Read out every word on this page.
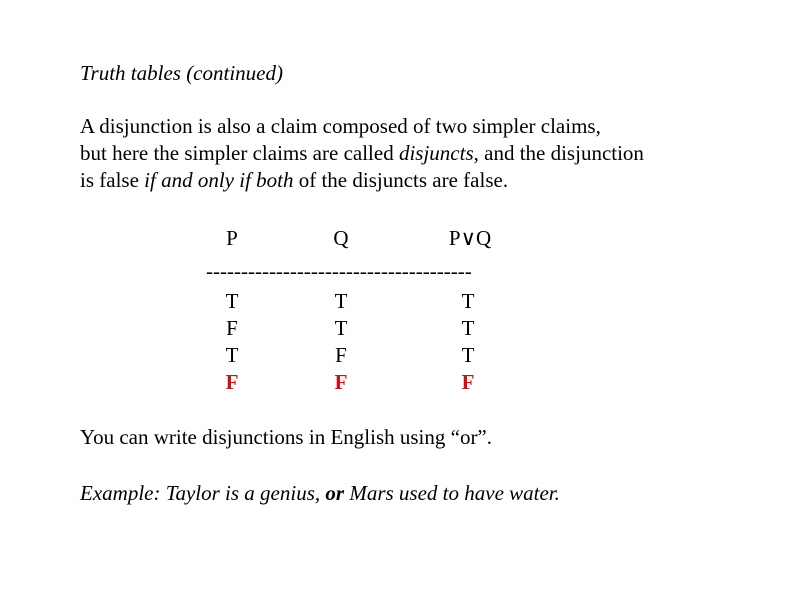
Truth tables (continued)
A disjunction is also a claim composed of two simpler claims,
but here the simpler claims are called disjuncts, and the disjunction
is false if and only if both of the disjuncts are false.
P	Q	P∨Q
--------------------------------------
T	T	T
F	T	T
T	F	T
F	F	F
You can write disjunctions in English using “or”.
Example: Taylor is a genius, or Mars used to have water.
